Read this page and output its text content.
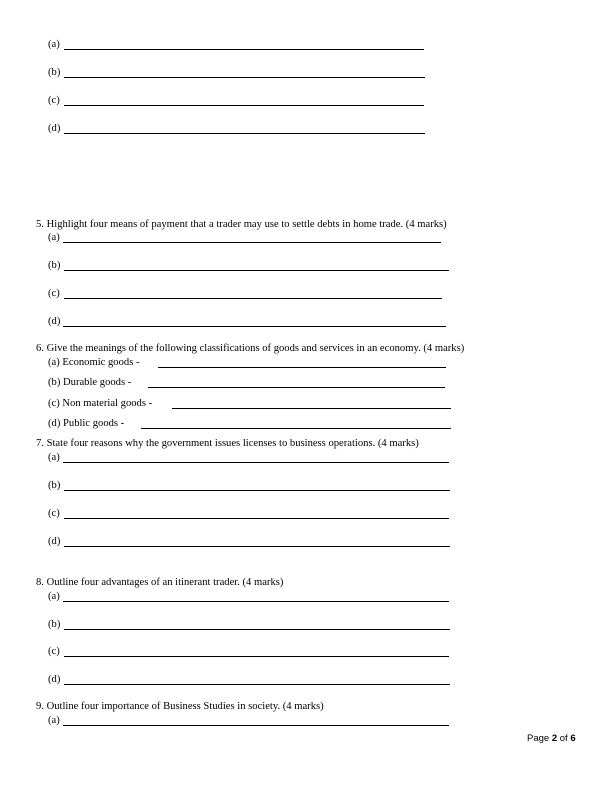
(a)
(b)
(c)
(d)
5. Highlight four means of payment that a trader may use to settle debts in home trade. (4 marks)
(a)
(b)
(c)
(d)
6. Give the meanings of the following classifications of goods and services in an economy. (4 marks)
(a) Economic goods -
(b) Durable goods -
(c) Non material goods -
(d) Public goods -
7. State four reasons why the government issues licenses to business operations. (4 marks)
(a)
(b)
(c)
(d)
8. Outline four advantages of an itinerant trader. (4 marks)
(a)
(b)
(c)
(d)
9. Outline four importance of Business Studies in society. (4 marks)
(a)
Page 2 of 6
